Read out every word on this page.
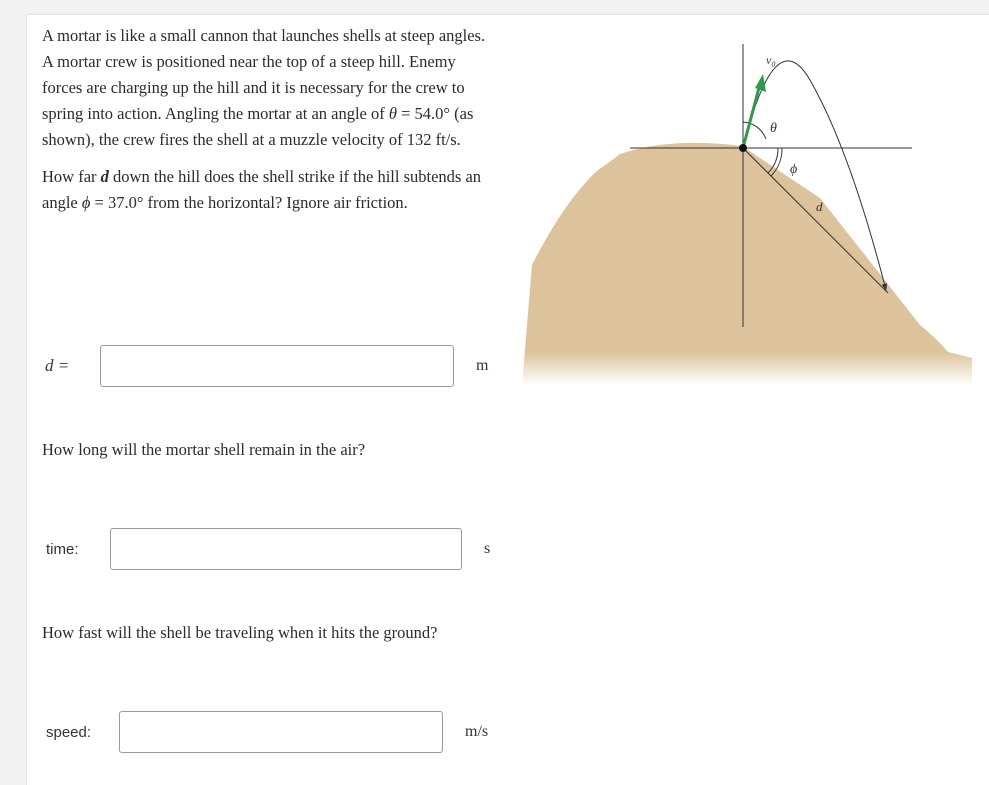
A mortar is like a small cannon that launches shells at steep angles. A mortar crew is positioned near the top of a steep hill. Enemy forces are charging up the hill and it is necessary for the crew to spring into action. Angling the mortar at an angle of θ = 54.0° (as shown), the crew fires the shell at a muzzle velocity of 132 ft/s.

How far d down the hill does the shell strike if the hill subtends an angle ϕ = 37.0° from the horizontal? Ignore air friction.

d =	m
How long will the mortar shell remain in the air?
time:	s
How fast will the shell be traveling when it hits the ground?
speed:	m/s
$v_0$
θ
ϕ
d
